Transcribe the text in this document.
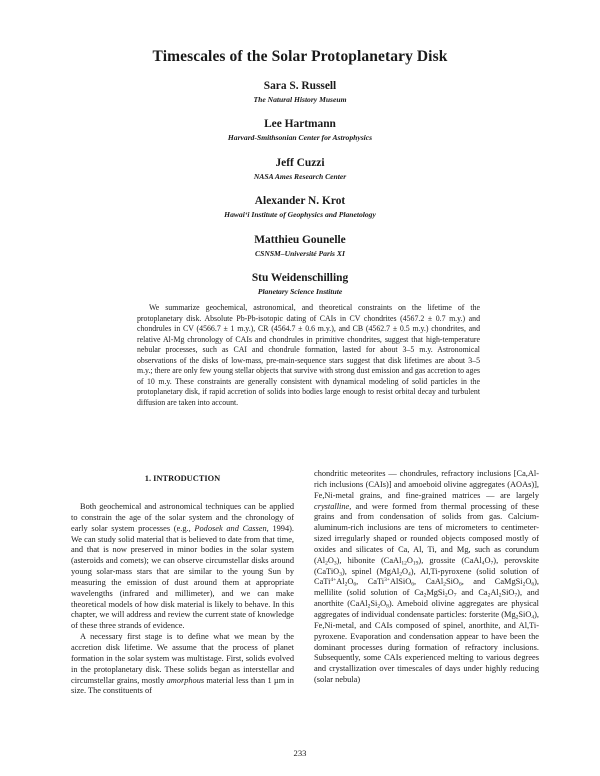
Timescales of the Solar Protoplanetary Disk
Sara S. Russell
The Natural History Museum
Lee Hartmann
Harvard-Smithsonian Center for Astrophysics
Jeff Cuzzi
NASA Ames Research Center
Alexander N. Krot
Hawai‘i Institute of Geophysics and Planetology
Matthieu Gounelle
CSNSM–Université Paris XI
Stu Weidenschilling
Planetary Science Institute

We summarize geochemical, astronomical, and theoretical constraints on the lifetime of the protoplanetary disk. Absolute Pb-Pb-isotopic dating of CAIs in CV chondrites (4567.2 ± 0.7 m.y.) and chondrules in CV (4566.7 ± 1 m.y.), CR (4564.7 ± 0.6 m.y.), and CB (4562.7 ± 0.5 m.y.) chondrites, and relative Al-Mg chronology of CAIs and chondrules in primitive chondrites, suggest that high-temperature nebular processes, such as CAI and chondrule formation, lasted for about 3–5 m.y. Astronomical observations of the disks of low-mass, pre-main-sequence stars suggest that disk lifetimes are about 3–5 m.y.; there are only few young stellar objects that survive with strong dust emission and gas accretion to ages of 10 m.y. These constraints are generally consistent with dynamical modeling of solid particles in the protoplanetary disk, if rapid accretion of solids into bodies large enough to resist orbital decay and turbulent diffusion are taken into account.

1. INTRODUCTION

Both geochemical and astronomical techniques can be applied to constrain the age of the solar system and the chronology of early solar system processes (e.g., Podosek and Cassen, 1994). We can study solid material that is believed to date from that time, and that is now preserved in minor bodies in the solar system (asteroids and comets); we can observe circumstellar disks around young solar-mass stars that are similar to the young Sun by measuring the emission of dust around them at appropriate wavelengths (infrared and millimeter), and we can make theoretical models of how disk material is likely to behave. In this chapter, we will address and review the current state of knowledge of these three strands of evidence.

A necessary first stage is to define what we mean by the accretion disk lifetime. We assume that the process of planet formation in the solar system was multistage. First, solids evolved in the protoplanetary disk. These solids began as interstellar and circumstellar grains, mostly amorphous material less than 1 µm in size. The constituents of

chondritic meteorites — chondrules, refractory inclusions [Ca,Al-rich inclusions (CAIs)] and amoeboid olivine aggregates (AOAs)], Fe,Ni-metal grains, and fine-grained matrices — are largely crystalline, and were formed from thermal processing of these grains and from condensation of solids from gas. Calcium-aluminum-rich inclusions are tens of micrometers to centimeter-sized irregularly shaped or rounded objects composed mostly of oxides and silicates of Ca, Al, Ti, and Mg, such as corundum $(Al_2O_3)$, hibonite $(CaAl_{12}O_{19})$, grossite $(CaAl_4O_7)$, perovskite (CaTiO$_3$), spinel $(MgAl_2O_4)$, Al,Ti-pyroxene (solid solution of $CaTi^{4+}Al_2O_6$, CaTi$^{3+}$AlSiO$_6$, CaAl$_2$SiO$_6$, and $CaMgSi_2O_6$), mellilite (solid solution of $Ca_2MgSi_2O_7$ and $Ca_2Al_2SiO_7$), and anorthite $(CaAl_2Si_2O_8)$. Ameboid olivine aggregates are physical aggregates of individual condensate particles: forsterite $(Mg_2SiO_4)$, Fe,Ni-metal, and CAIs composed of spinel, anorthite, and Al,Ti-pyroxene. Evaporation and condensation appear to have been the dominant processes during formation of refractory inclusions. Subsequently, some CAIs experienced melting to various degrees and crystallization over timescales of days under highly reducing (solar nebula)

233
